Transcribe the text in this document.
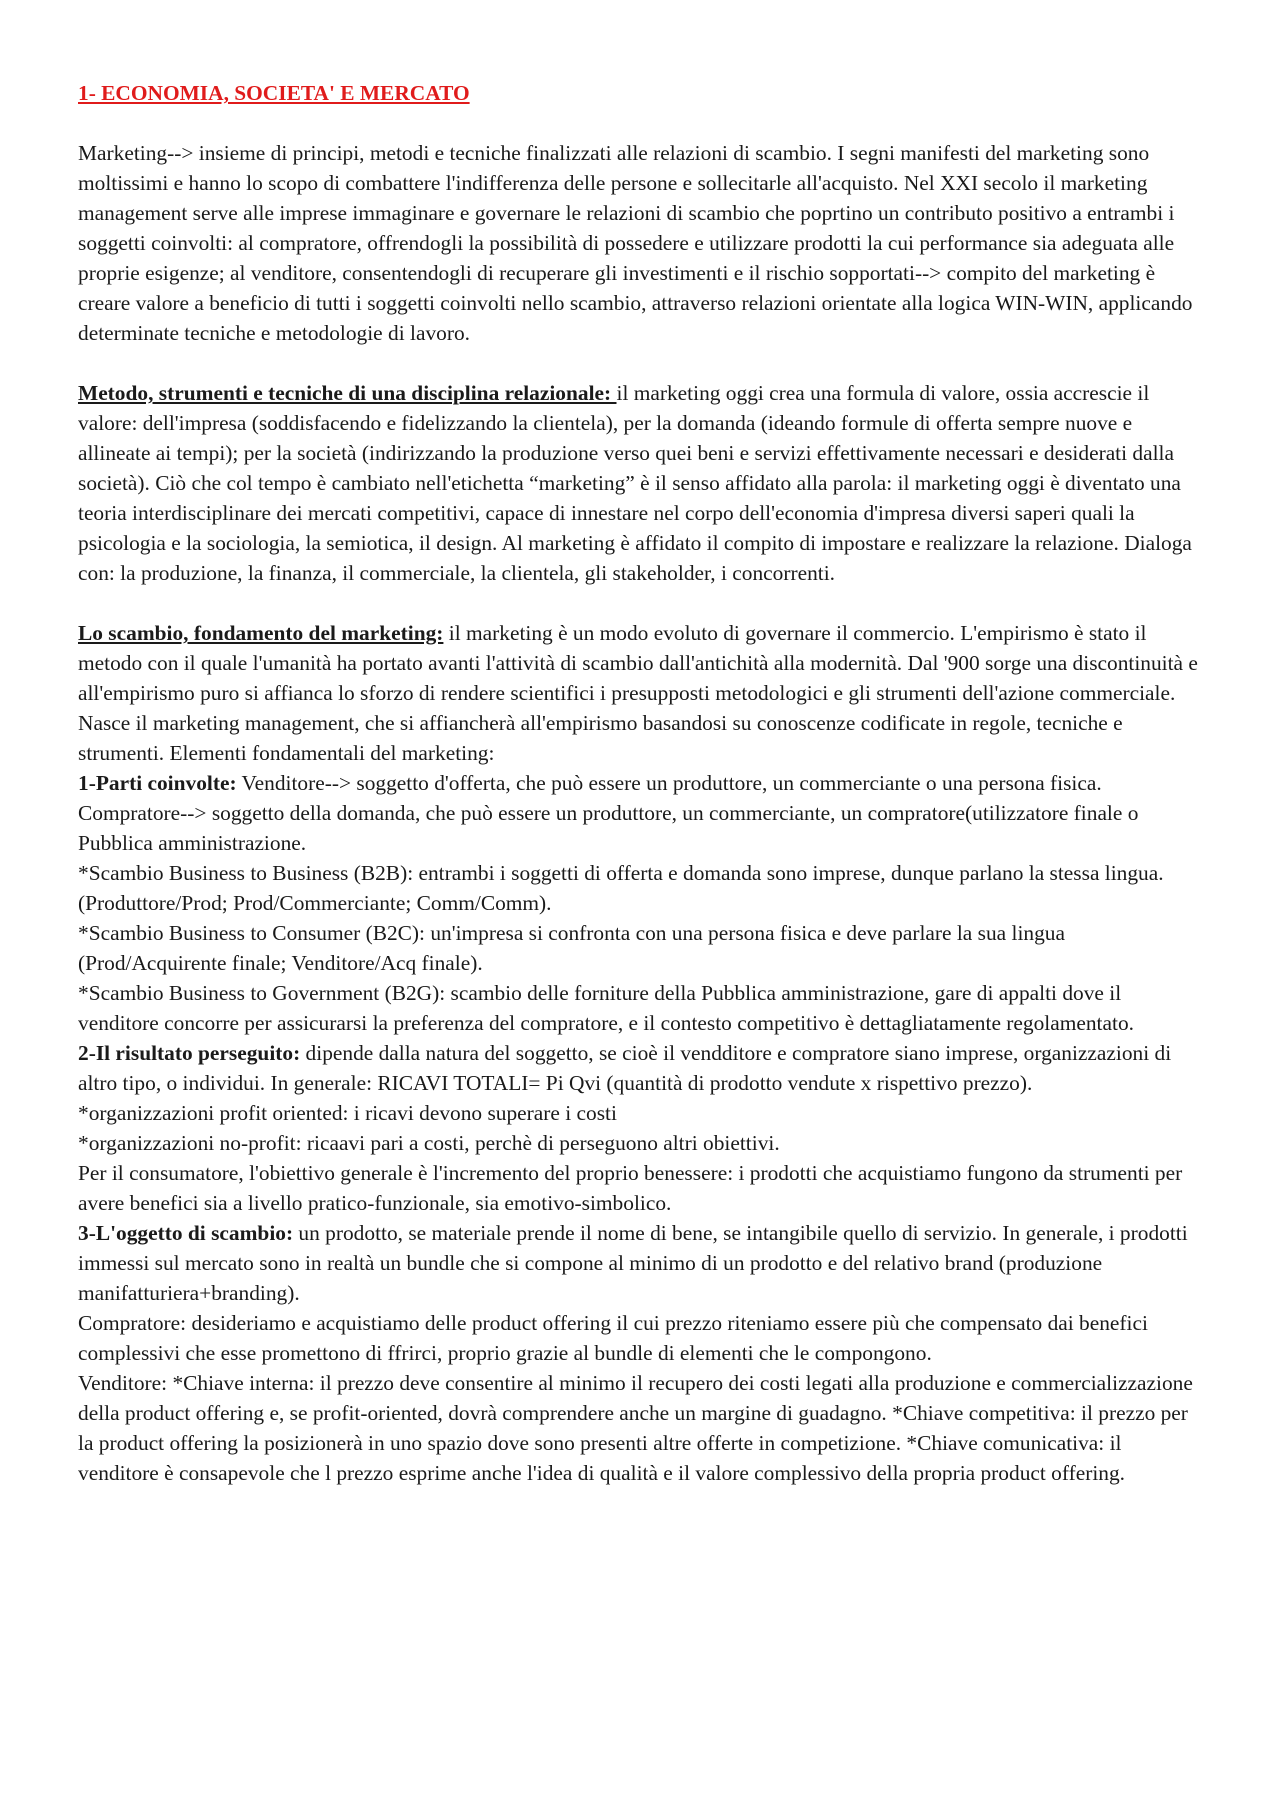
1- ECONOMIA, SOCIETA' E MERCATO

Marketing--> insieme di principi, metodi e tecniche finalizzati alle relazioni di scambio. I segni manifesti del marketing sono moltissimi e hanno lo scopo di combattere l'indifferenza delle persone e sollecitarle all'acquisto. Nel XXI secolo il marketing management serve alle imprese immaginare e governare le relazioni di scambio che poprtino un contributo positivo a entrambi i soggetti coinvolti: al compratore, offrendogli la possibilità di possedere e utilizzare prodotti la cui performance sia adeguata alle proprie esigenze; al venditore, consentendogli di recuperare gli investimenti e il rischio sopportati--> compito del marketing è creare valore a beneficio di tutti i soggetti coinvolti nello scambio, attraverso relazioni orientate alla logica WIN-WIN, applicando determinate tecniche e metodologie di lavoro.

Metodo, strumenti e tecniche di una disciplina relazionale: il marketing oggi crea una formula di valore, ossia accrescie il valore: dell'impresa (soddisfacendo e fidelizzando la clientela), per la domanda (ideando formule di offerta sempre nuove e allineate ai tempi); per la società (indirizzando la produzione verso quei beni e servizi effettivamente necessari e desiderati dalla società). Ciò che col tempo è cambiato nell'etichetta “marketing” è il senso affidato alla parola: il marketing oggi è diventato una teoria interdisciplinare dei mercati competitivi, capace di innestare nel corpo dell'economia d'impresa diversi saperi quali la psicologia e la sociologia, la semiotica, il design. Al marketing è affidato il compito di impostare e realizzare la relazione. Dialoga con: la produzione, la finanza, il commerciale, la clientela, gli stakeholder, i concorrenti.

Lo scambio, fondamento del marketing: il marketing è un modo evoluto di governare il commercio. L'empirismo è stato il metodo con il quale l'umanità ha portato avanti l'attività di scambio dall'antichità alla modernità. Dal '900 sorge una discontinuità e all'empirismo puro si affianca lo sforzo di rendere scientifici i presupposti metodologici e gli strumenti dell'azione commerciale. Nasce il marketing management, che si affiancherà all'empirismo basandosi su conoscenze codificate in regole, tecniche e strumenti. Elementi fondamentali del marketing:

1-Parti coinvolte: Venditore--> soggetto d'offerta, che può essere un produttore, un commerciante o una persona fisica. Compratore--> soggetto della domanda, che può essere un produttore, un commerciante, un compratore(utilizzatore finale o Pubblica amministrazione.

*Scambio Business to Business (B2B): entrambi i soggetti di offerta e domanda sono imprese, dunque parlano la stessa lingua. (Produttore/Prod; Prod/Commerciante; Comm/Comm).

*Scambio Business to Consumer (B2C): un'impresa si confronta con una persona fisica e deve parlare la sua lingua (Prod/Acquirente finale; Venditore/Acq finale).

*Scambio Business to Government (B2G): scambio delle forniture della Pubblica amministrazione, gare di appalti dove il venditore concorre per assicurarsi la preferenza del compratore, e il contesto competitivo è dettagliatamente regolamentato.

2-Il risultato perseguito: dipende dalla natura del soggetto, se cioè il vendditore e compratore siano imprese, organizzazioni di altro tipo, o individui. In generale: RICAVI TOTALI= Pi Qvi (quantità di prodotto vendute x rispettivo prezzo).

*organizzazioni profit oriented: i ricavi devono superare i costi

*organizzazioni no-profit: ricaavi pari a costi, perchè di perseguono altri obiettivi.

Per il consumatore, l'obiettivo generale è l'incremento del proprio benessere: i prodotti che acquistiamo fungono da strumenti per avere benefici sia a livello pratico-funzionale, sia emotivo-simbolico.

3-L'oggetto di scambio: un prodotto, se materiale prende il nome di bene, se intangibile quello di servizio. In generale, i prodotti immessi sul mercato sono in realtà un bundle che si compone al minimo di un prodotto e del relativo brand (produzione manifatturiera+branding).

Compratore: desideriamo e acquistiamo delle product offering il cui prezzo riteniamo essere più che compensato dai benefici complessivi che esse promettono di ffrirci, proprio grazie al bundle di elementi che le compongono.

Venditore: *Chiave interna: il prezzo deve consentire al minimo il recupero dei costi legati alla produzione e commercializzazione della product offering e, se profit-oriented, dovrà comprendere anche un margine di guadagno. *Chiave competitiva: il prezzo per la product offering la posizionerà in uno spazio dove sono presenti altre offerte in competizione. *Chiave comunicativa: il venditore è consapevole che l prezzo esprime anche l'idea di qualità e il valore complessivo della propria product offering.
